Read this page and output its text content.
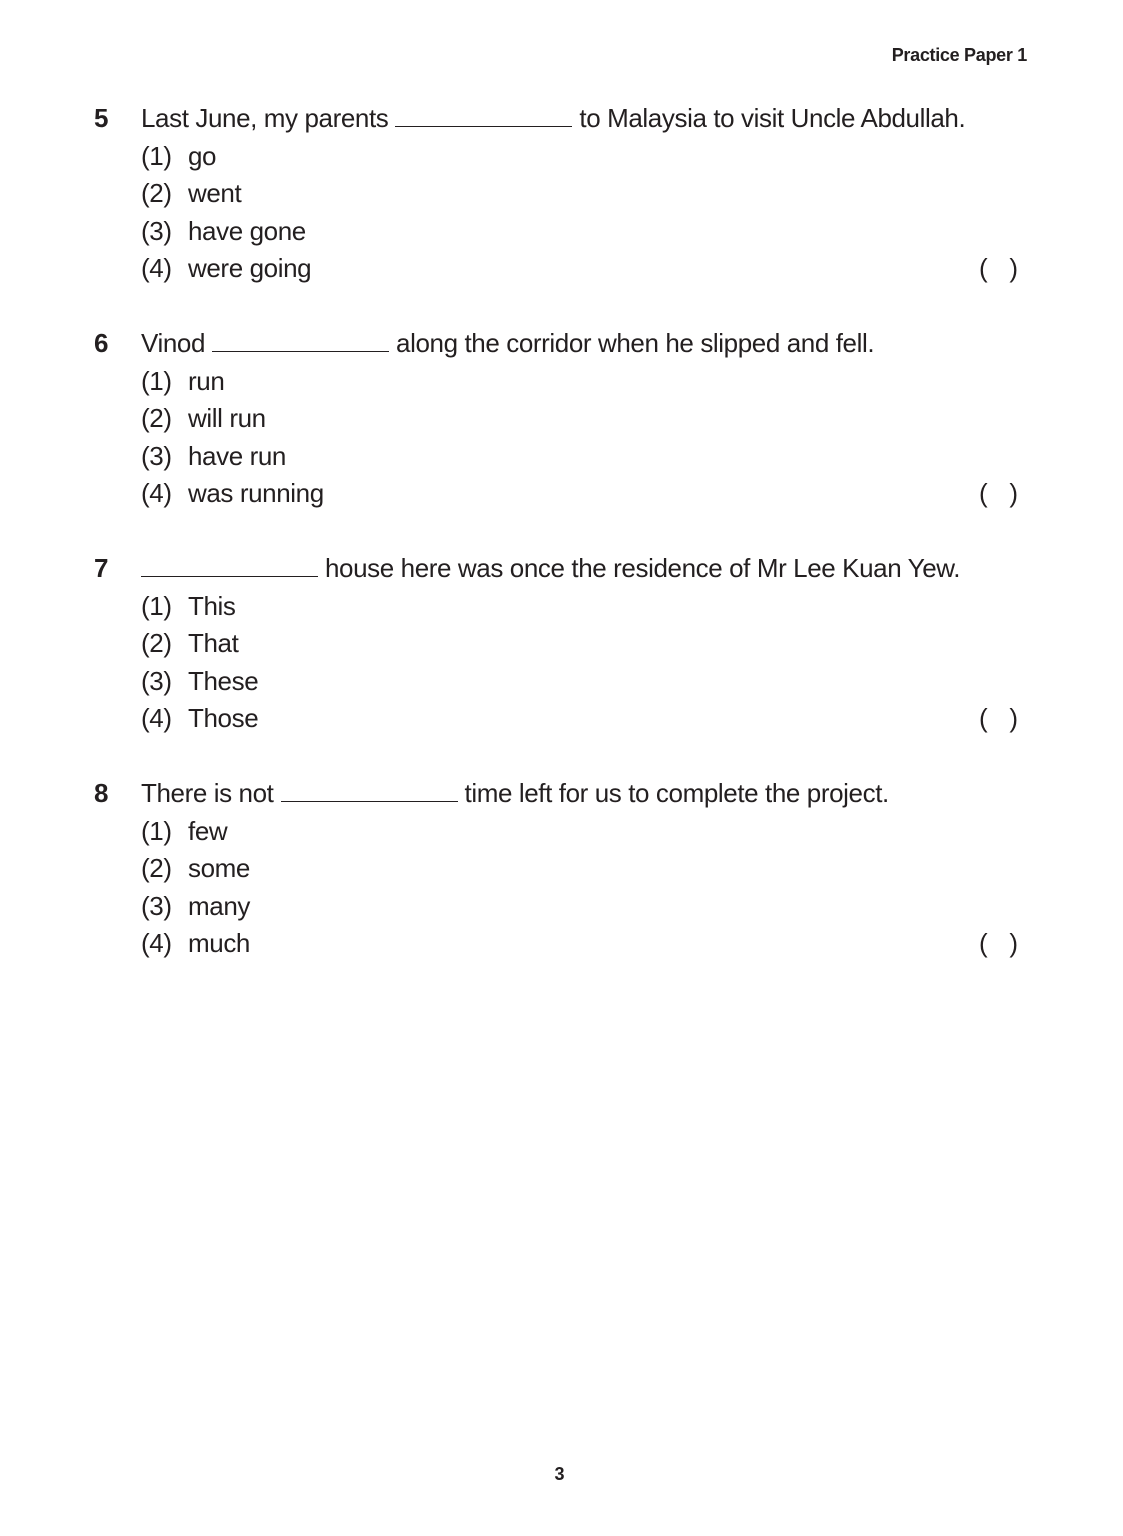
Practice Paper 1
5 Last June, my parents	to Malaysia to visit Uncle Abdullah.
(1) go
(2) went
(3) have gone
(4) were going	(   )
6 Vinod	along the corridor when he slipped and fell.
(1) run
(2) will run
(3) have run
(4) was running	(   )
7	house here was once the residence of Mr Lee Kuan Yew.
(1) This
(2) That
(3) These
(4) Those	(   )
8 There is not	time left for us to complete the project.
(1) few
(2) some
(3) many
(4) much	(   )
3
